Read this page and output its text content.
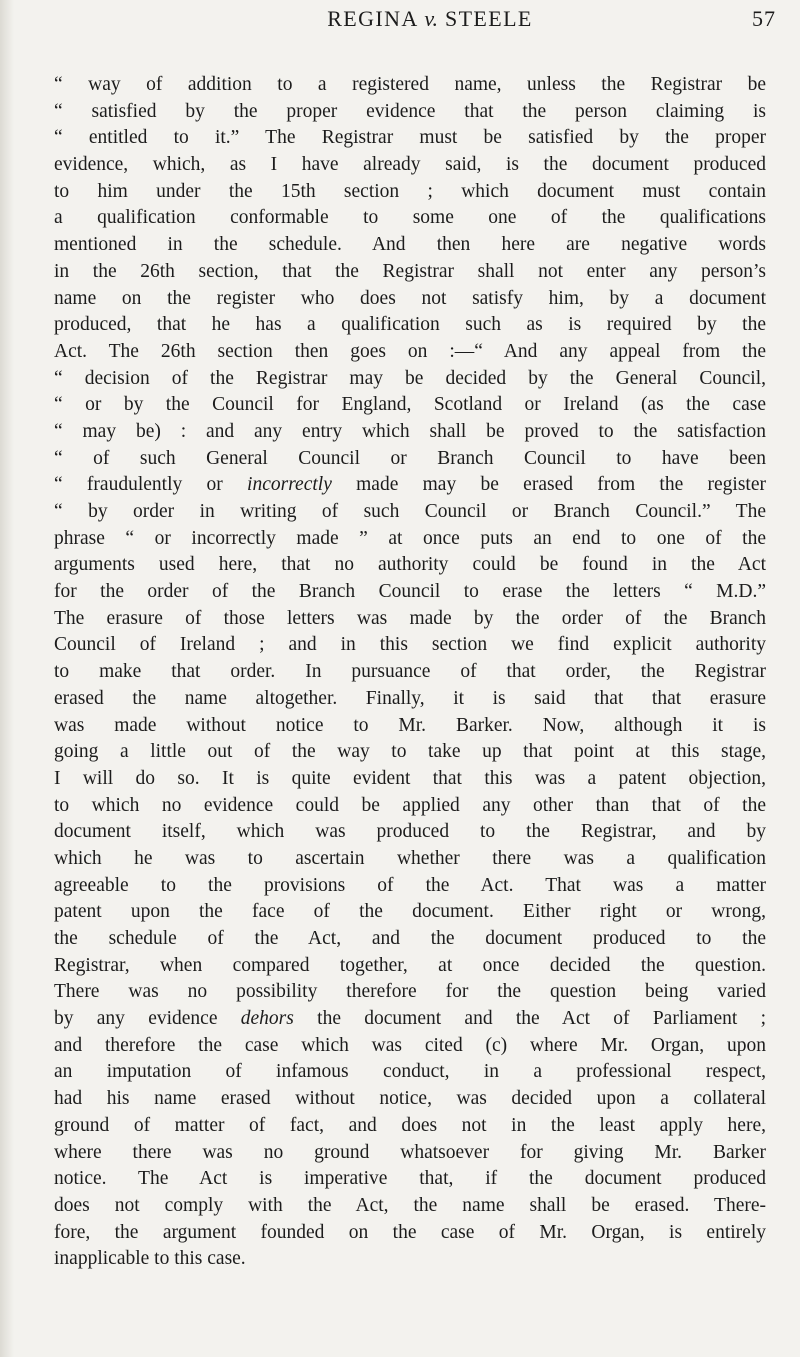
REGINA v. STEELE	57
“ way of addition to a registered name, unless the Registrar be
“ satisfied by the proper evidence that the person claiming is
“ entitled to it.” The Registrar must be satisfied by the proper
evidence, which, as I have already said, is the document produced
to him under the 15th section ; which document must contain
a qualification conformable to some one of the qualifications
mentioned in the schedule. And then here are negative words
in the 26th section, that the Registrar shall not enter any person’s
name on the register who does not satisfy him, by a document
produced, that he has a qualification such as is required by the
Act. The 26th section then goes on :—“ And any appeal from the
“ decision of the Registrar may be decided by the General Council,
“ or by the Council for England, Scotland or Ireland (as the case
“ may be) : and any entry which shall be proved to the satisfaction
“ of such General Council or Branch Council to have been
“ fraudulently or incorrectly made may be erased from the register
“ by order in writing of such Council or Branch Council.” The
phrase “ or incorrectly made ” at once puts an end to one of the
arguments used here, that no authority could be found in the Act
for the order of the Branch Council to erase the letters “ M.D.”
The erasure of those letters was made by the order of the Branch
Council of Ireland ; and in this section we find explicit authority
to make that order. In pursuance of that order, the Registrar
erased the name altogether. Finally, it is said that that erasure
was made without notice to Mr. Barker. Now, although it is
going a little out of the way to take up that point at this stage,
I will do so. It is quite evident that this was a patent objection,
to which no evidence could be applied any other than that of the
document itself, which was produced to the Registrar, and by
which he was to ascertain whether there was a qualification
agreeable to the provisions of the Act. That was a matter
patent upon the face of the document. Either right or wrong,
the schedule of the Act, and the document produced to the
Registrar, when compared together, at once decided the question.
There was no possibility therefore for the question being varied
by any evidence dehors the document and the Act of Parliament ;
and therefore the case which was cited (c) where Mr. Organ, upon
an imputation of infamous conduct, in a professional respect,
had his name erased without notice, was decided upon a collateral
ground of matter of fact, and does not in the least apply here,
where there was no ground whatsoever for giving Mr. Barker
notice. The Act is imperative that, if the document produced
does not comply with the Act, the name shall be erased. There-
fore, the argument founded on the case of Mr. Organ, is entirely
inapplicable to this case.
